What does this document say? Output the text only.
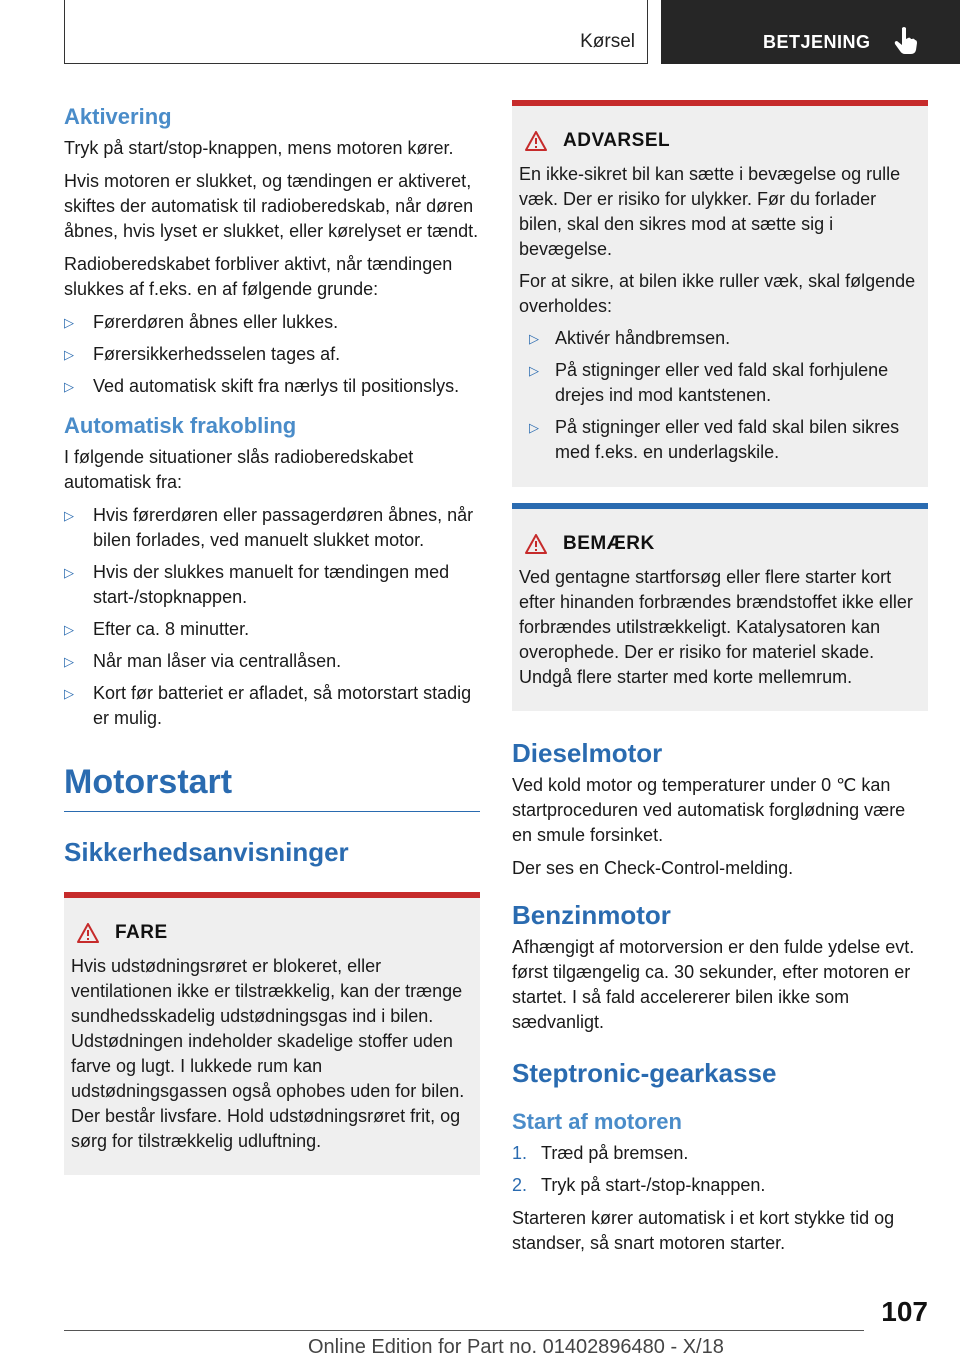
Kørsel	BETJENING
Aktivering

Tryk på start/stop-knappen, mens motoren kører.

Hvis motoren er slukket, og tændingen er aktiveret, skiftes der automatisk til radioberedskab, når døren åbnes, hvis lyset er slukket, eller kørelyset er tændt.

Radioberedskabet forbliver aktivt, når tændingen slukkes af f.eks. en af følgende grunde:

▷ Førerdøren åbnes eller lukkes.
▷ Førersikkerhedsselen tages af.
▷ Ved automatisk skift fra nærlys til positionslys.
Automatisk frakobling

I følgende situationer slås radioberedskabet automatisk fra:

▷ Hvis førerdøren eller passagerdøren åbnes, når bilen forlades, ved manuelt slukket motor.
▷ Hvis der slukkes manuelt for tændingen med start-/stopknappen.
▷ Efter ca. 8 minutter.
▷ Når man låser via centrallåsen.
▷ Kort før batteriet er afladet, så motorstart stadig er mulig.
Motorstart
Sikkerhedsanvisninger
FARE

Hvis udstødningsrøret er blokeret, eller ventilationen ikke er tilstrækkelig, kan der trænge sundhedsskadelig udstødningsgas ind i bilen. Udstødningen indeholder skadelige stoffer uden farve og lugt. I lukkede rum kan udstødningsgassen også ophobes uden for bilen. Der består livsfare. Hold udstødningsrøret frit, og sørg for tilstrækkelig udluftning.

ADVARSEL

En ikke-sikret bil kan sætte i bevægelse og rulle væk. Der er risiko for ulykker. Før du forlader bilen, skal den sikres mod at sætte sig i bevægelse.

For at sikre, at bilen ikke ruller væk, skal følgende overholdes:

▷ Aktivér håndbremsen.
▷ På stigninger eller ved fald skal forhjulene drejes ind mod kantstenen.
▷ På stigninger eller ved fald skal bilen sikres med f.eks. en underlagskile.
BEMÆRK

Ved gentagne startforsøg eller flere starter kort efter hinanden forbrændes brændstoffet ikke eller forbrændes utilstrækkeligt. Katalysatoren kan overophede. Der er risiko for materiel skade. Undgå flere starter med korte mellemrum.

Dieselmotor

Ved kold motor og temperaturer under 0 ℃ kan startproceduren ved automatisk forglødning være en smule forsinket.

Der ses en Check-Control-melding.

Benzinmotor

Afhængigt af motorversion er den fulde ydelse evt. først tilgængelig ca. 30 sekunder, efter motoren er startet. I så fald accelererer bilen ikke som sædvanligt.

Steptronic-gearkasse
Start af motoren
1. Træd på bremsen.
2. Tryk på start-/stop-knappen.

Starteren kører automatisk i et kort stykke tid og standser, så snart motoren starter.

107
Online Edition for Part no. 01402896480 - X/18
